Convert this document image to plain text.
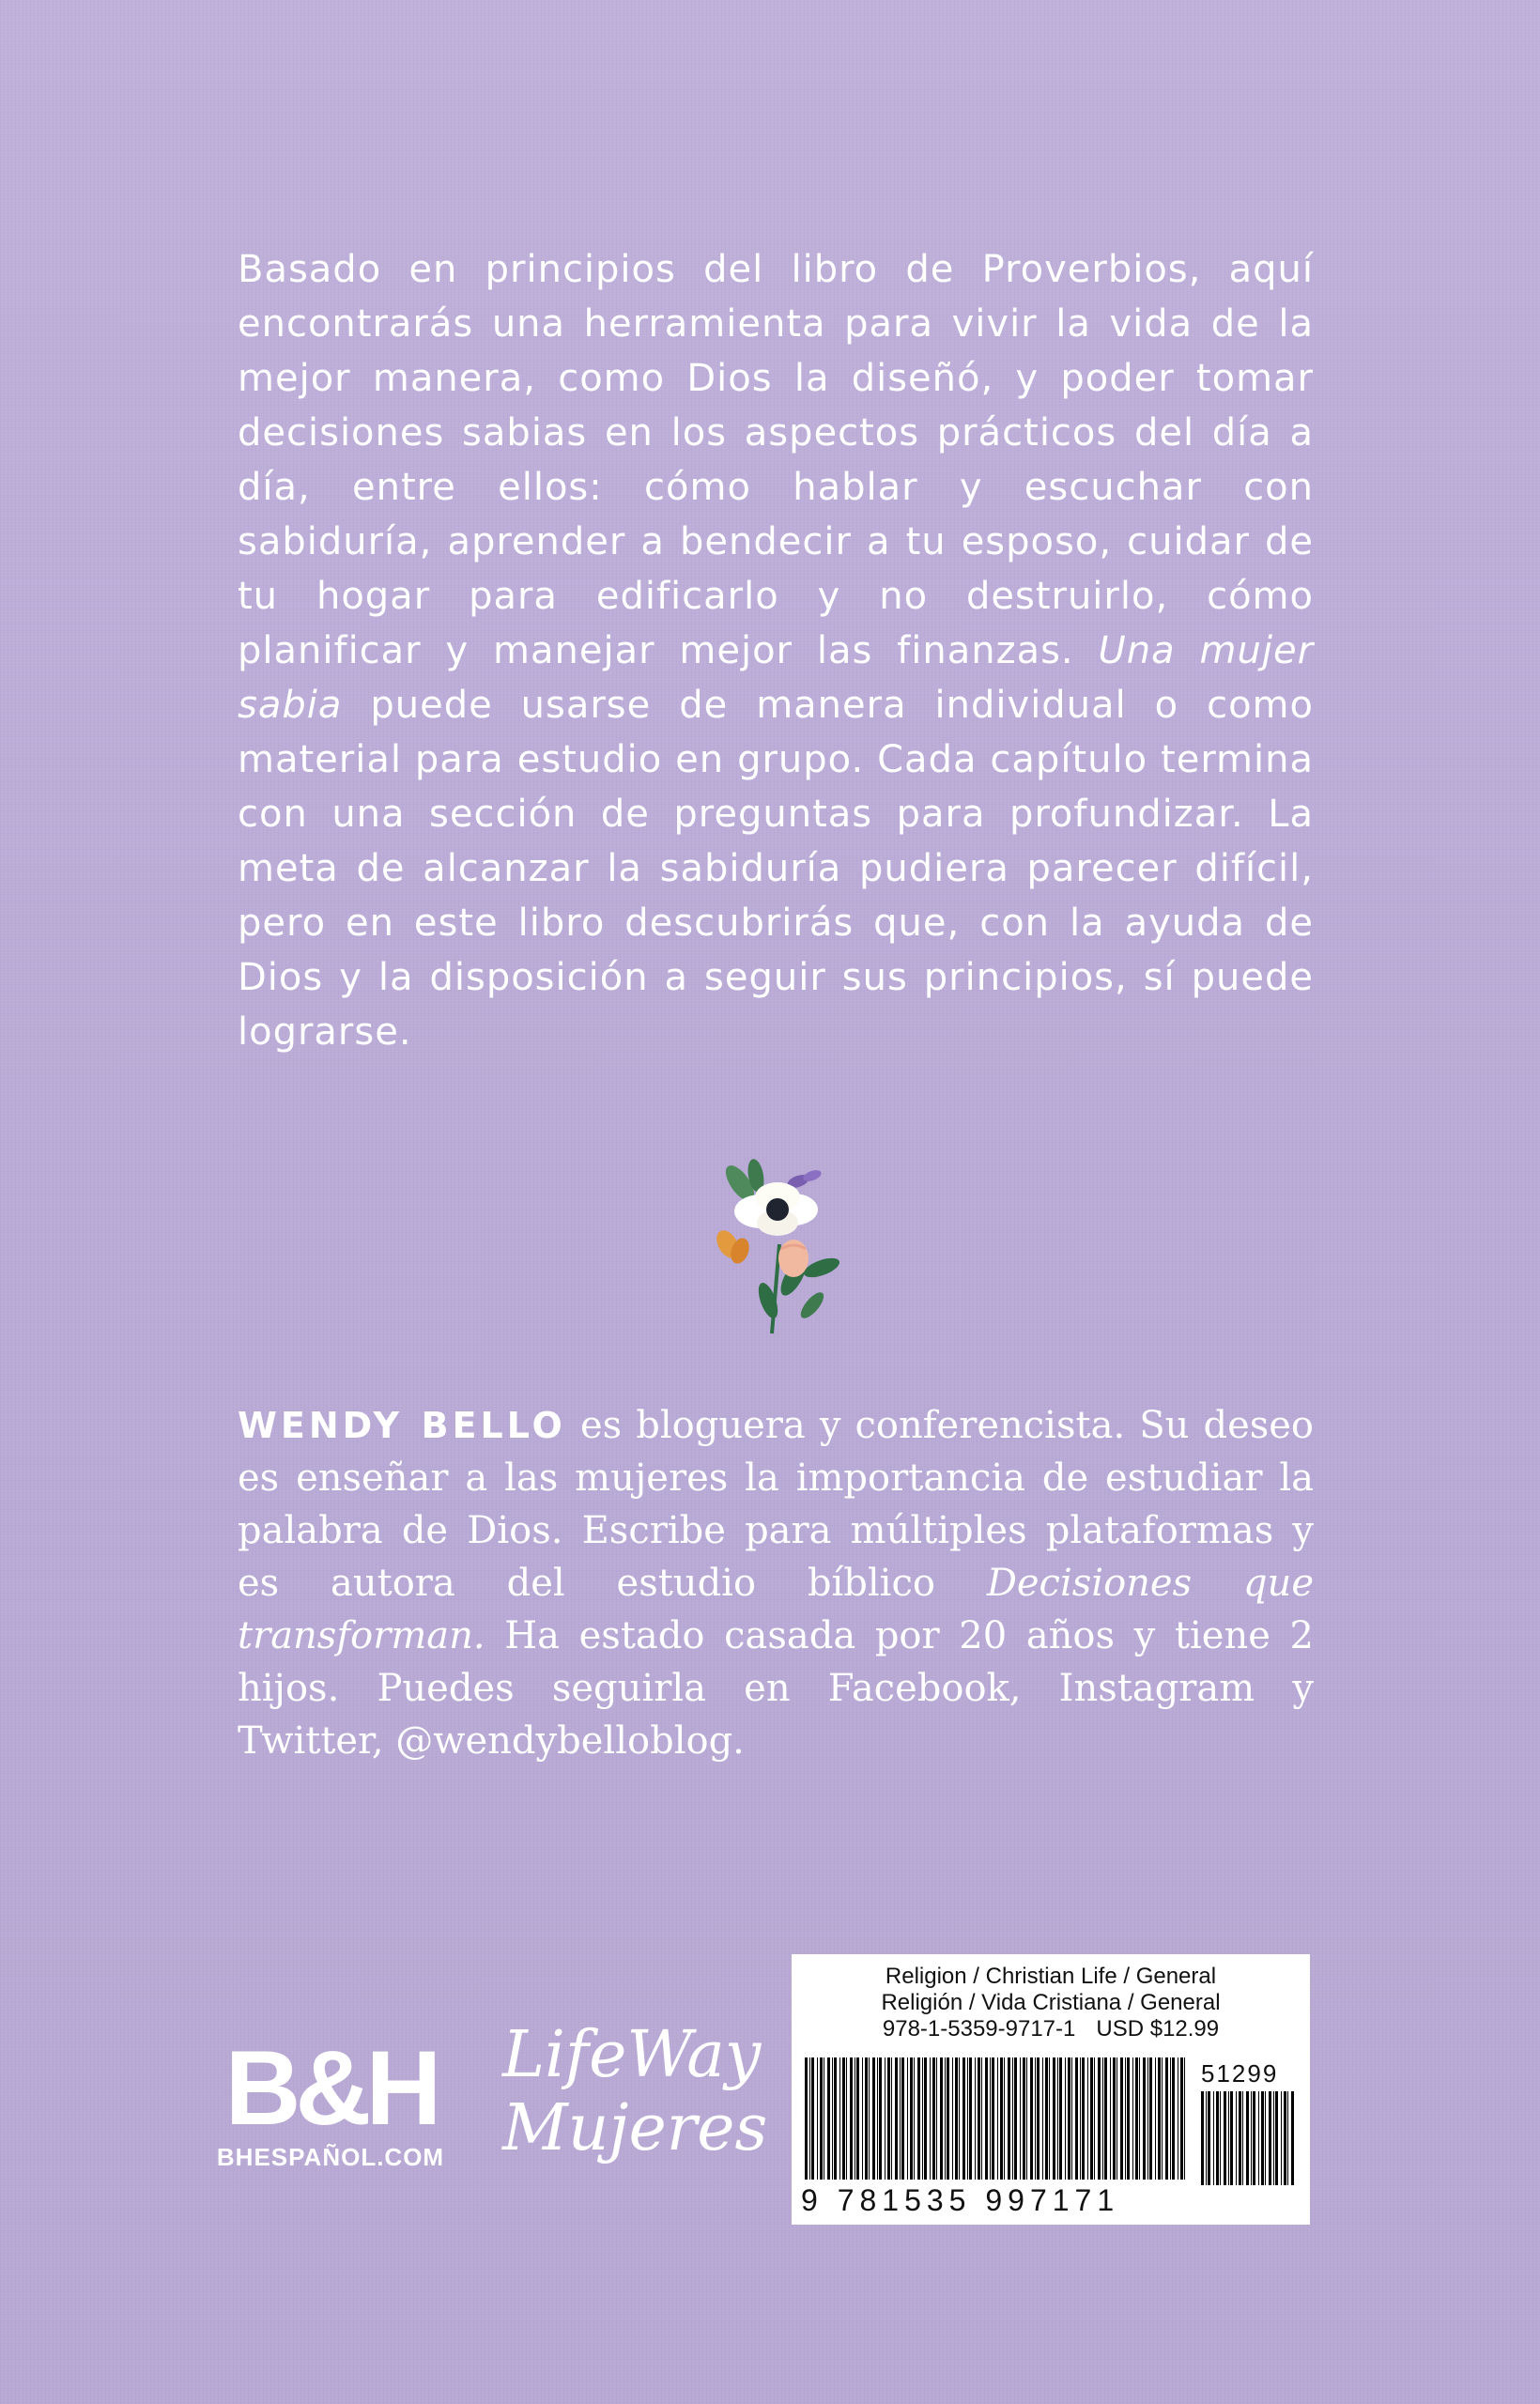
Basado en principios del libro de Proverbios, aquí encontrarás una herramienta para vivir la vida de la mejor manera, como Dios la diseñó, y poder tomar decisiones sabias en los aspectos prácticos del día a día, entre ellos: cómo hablar y escuchar con sabiduría, aprender a bendecir a tu esposo, cuidar de tu hogar para edificarlo y no destruirlo, cómo planificar y manejar mejor las finanzas. Una mujer sabia puede usarse de manera individual o como material para estudio en grupo. Cada capítulo termina con una sección de preguntas para profundizar. La meta de alcanzar la sabiduría pudiera parecer difícil, pero en este libro descubrirás que, con la ayuda de Dios y la disposición a seguir sus principios, sí puede lograrse.

WENDY BELLO es bloguera y conferencista. Su deseo es enseñar a las mujeres la importancia de estudiar la palabra de Dios. Escribe para múltiples plataformas y es autora del estudio bíblico Decisiones que transforman. Ha estado casada por 20 años y tiene 2 hijos. Puedes seguirla en Facebook, Instagram y Twitter, @wendybelloblog.

B&H
BHESPAÑOL.COM
LifeWay
Mujeres
Religion / Christian Life / General
Religión / Vida Cristiana / General
978-1-5359-9717-1 USD $12.99
51299
9 781535 997171
